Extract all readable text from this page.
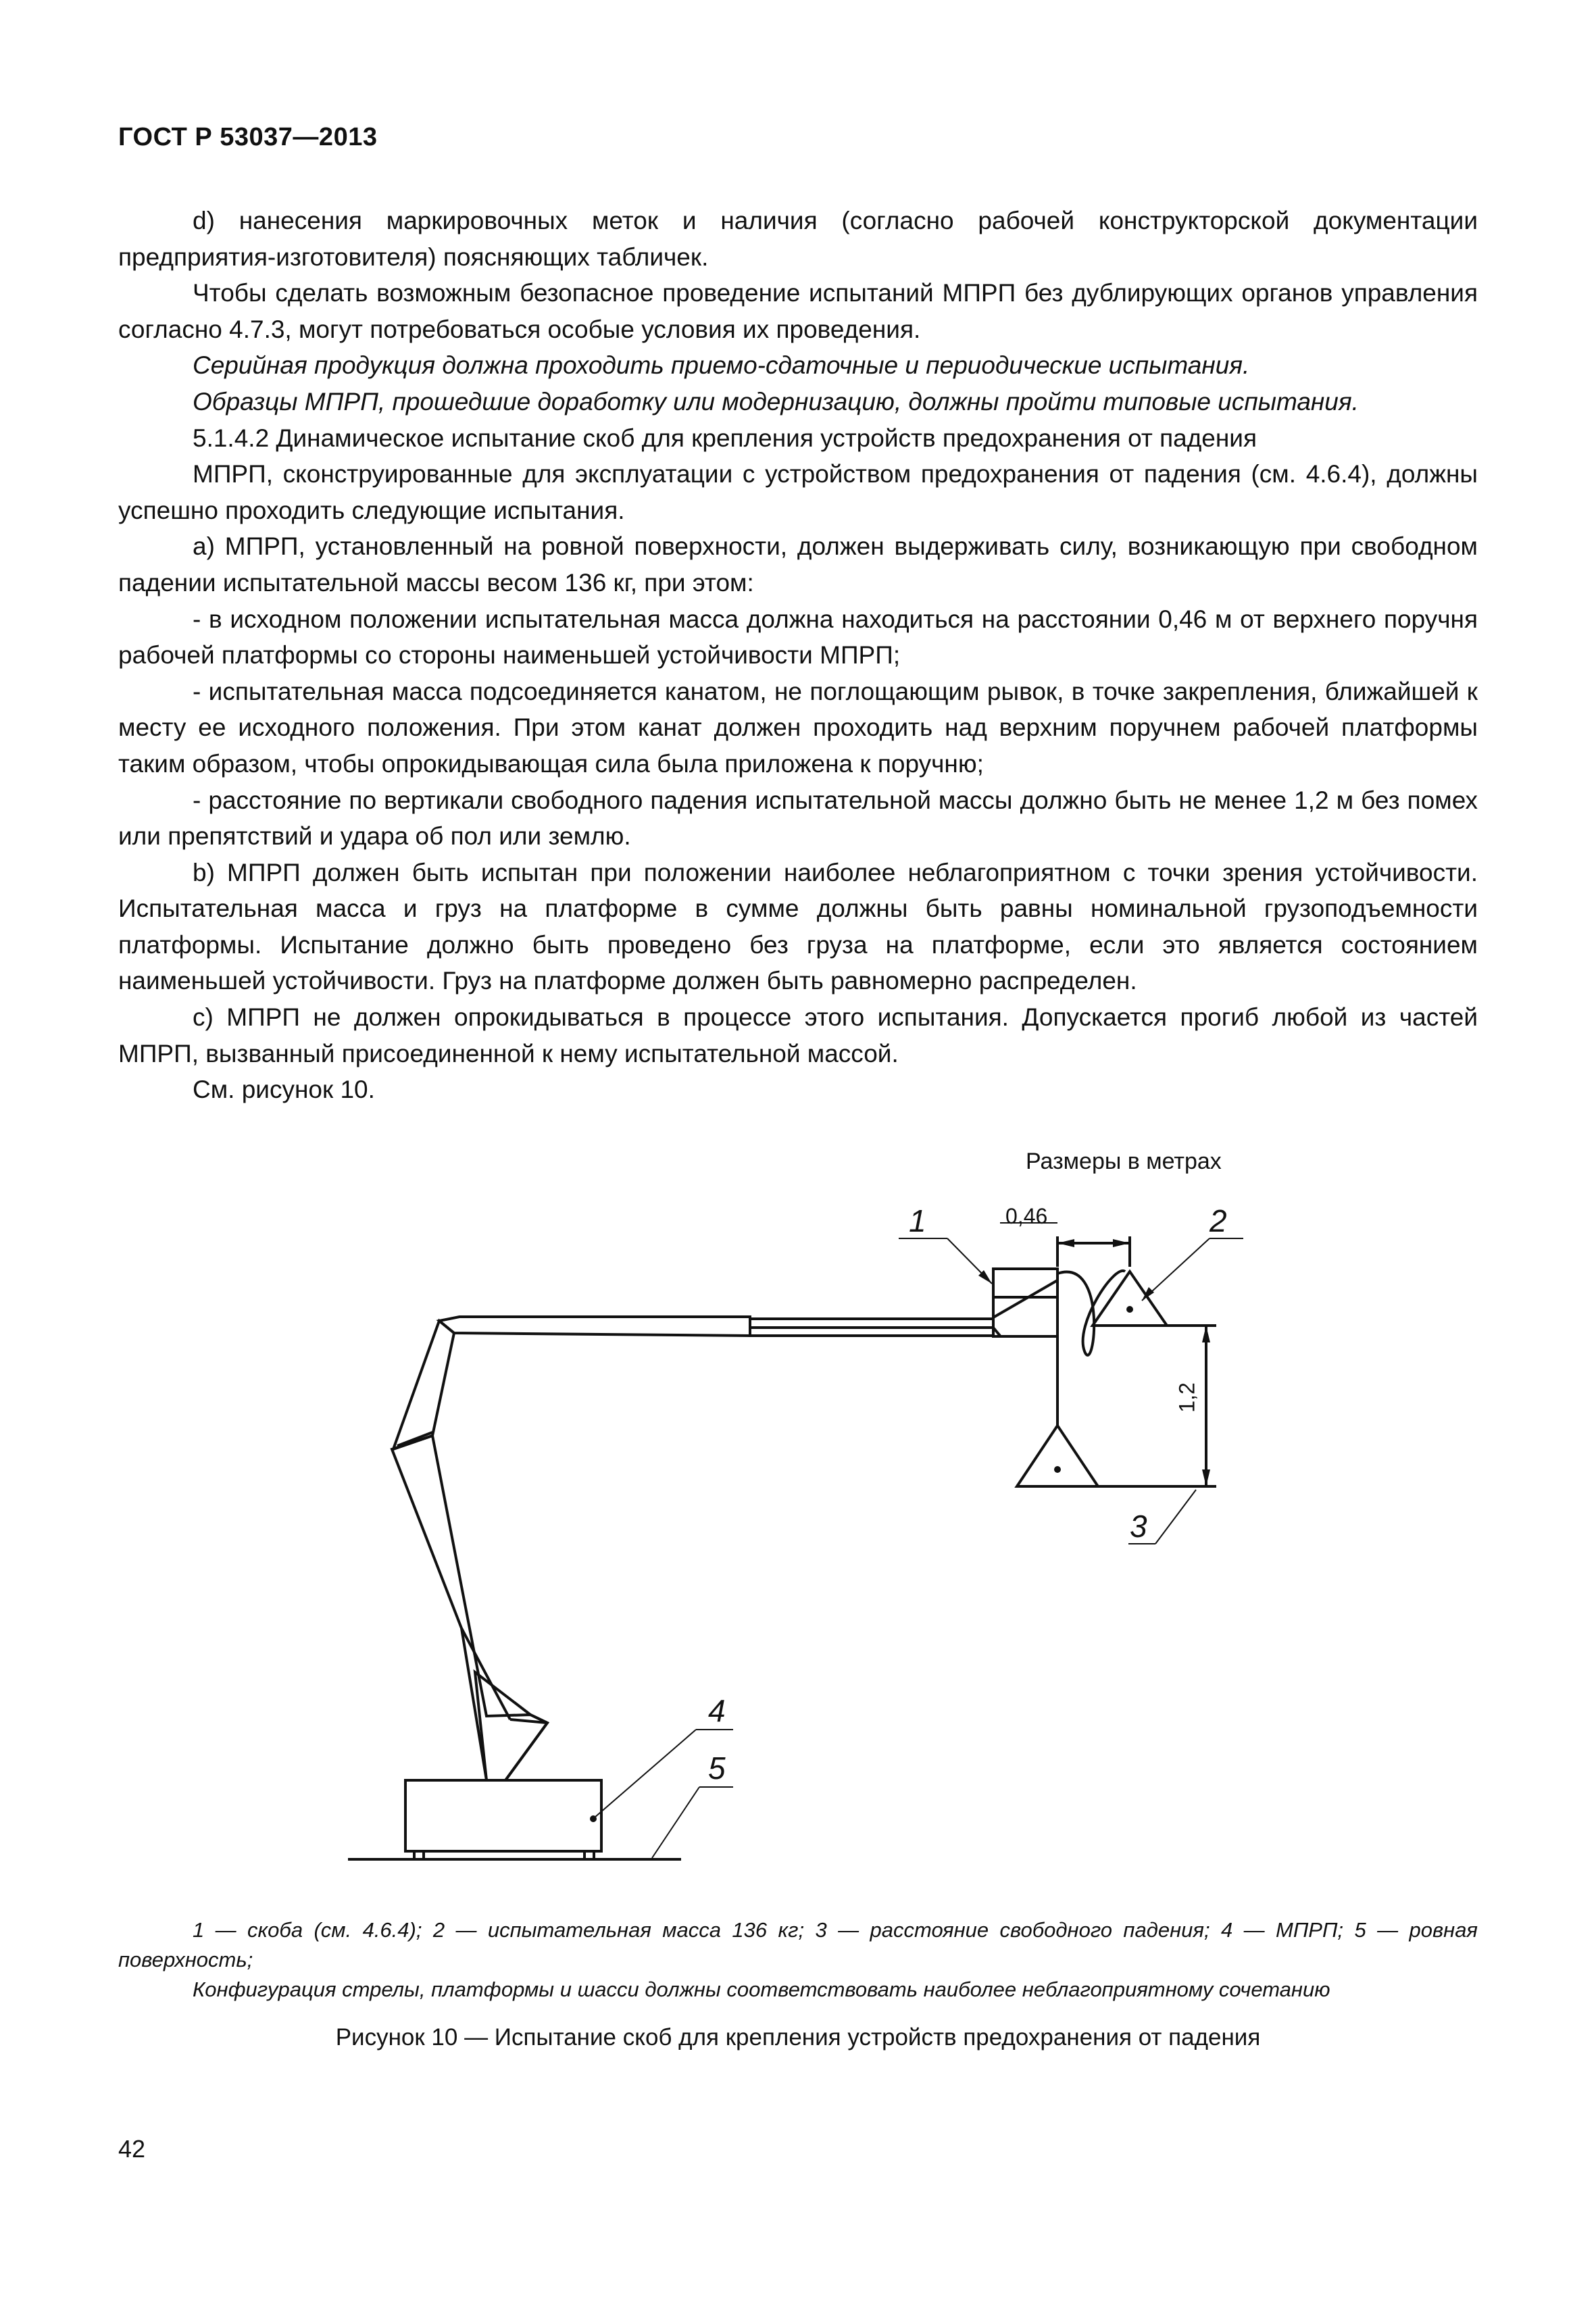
ГОСТ Р 53037—2013

d) нанесения маркировочных меток и наличия (согласно рабочей конструкторской документации предприятия-изготовителя) поясняющих табличек.

Чтобы сделать возможным безопасное проведение испытаний МПРП без дублирующих органов управления согласно 4.7.3, могут потребоваться особые условия их проведения.

Серийная продукция должна проходить приемо-сдаточные и периодические испытания.

Образцы МПРП, прошедшие доработку или модернизацию, должны пройти типовые испытания.

5.1.4.2 Динамическое испытание скоб для крепления устройств предохранения от падения

МПРП, сконструированные для эксплуатации с устройством предохранения от падения (см. 4.6.4), должны успешно проходить следующие испытания.

a) МПРП, установленный на ровной поверхности, должен выдерживать силу, возникающую при свободном падении испытательной массы весом 136 кг, при этом:

- в исходном положении испытательная масса должна находиться на расстоянии 0,46 м от верхнего поручня рабочей платформы со стороны наименьшей устойчивости МПРП;

- испытательная масса подсоединяется канатом, не поглощающим рывок, в точке закрепления, ближайшей к месту ее исходного положения. При этом канат должен проходить над верхним поручнем рабочей платформы таким образом, чтобы опрокидывающая сила была приложена к поручню;

- расстояние по вертикали свободного падения испытательной массы должно быть не менее 1,2 м без помех или препятствий и удара об пол или землю.

b) МПРП должен быть испытан при положении наиболее неблагоприятном с точки зрения устойчивости. Испытательная масса и груз на платформе в сумме должны быть равны номинальной грузоподъемности платформы. Испытание должно быть проведено без груза на платформе, если это является состоянием наименьшей устойчивости. Груз на платформе должен быть равномерно распределен.

c) МПРП не должен опрокидываться в процессе этого испытания. Допускается прогиб любой из частей МПРП, вызванный присоединенной к нему испытательной массой.

См. рисунок 10.

Размеры в метрах
0,46
1,2
1	2
3
4
5

1 — скоба (см. 4.6.4); 2 — испытательная масса 136 кг; 3 — расстояние свободного падения; 4 — МПРП; 5 — ровная поверхность;

Конфигурация стрелы, платформы и шасси должны соответствовать наиболее неблагоприятному сочетанию

Рисунок 10 — Испытание скоб для крепления устройств предохранения от падения
42
